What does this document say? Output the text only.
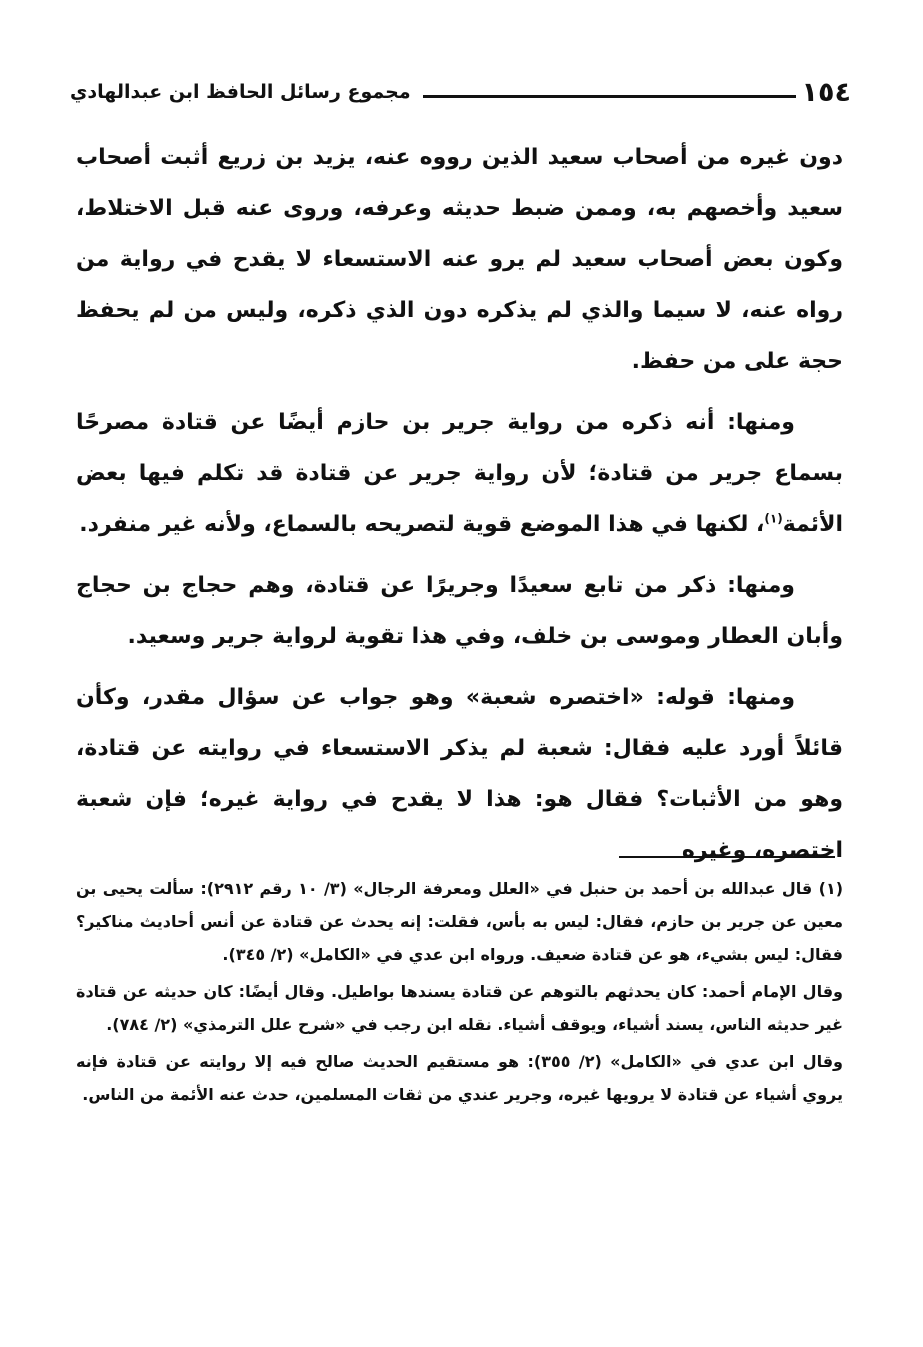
١٥٤
مجموع رسائل الحافظ ابن عبدالهادي

دون غيره من أصحاب سعيد الذين رووه عنه، يزيد بن زريع أثبت أصحاب سعيد وأخصهم به، وممن ضبط حديثه وعرفه، وروى عنه قبل الاختلاط، وكون بعض أصحاب سعيد لم يرو عنه الاستسعاء لا يقدح في رواية من رواه عنه، لا سيما والذي لم يذكره دون الذي ذكره، وليس من لم يحفظ حجة على من حفظ.

ومنها: أنه ذكره من رواية جرير بن حازم أيضًا عن قتادة مصرحًا بسماع جرير من قتادة؛ لأن رواية جرير عن قتادة قد تكلم فيها بعض الأئمة$^{(١)}$، لكنها في هذا الموضع قوية لتصريحه بالسماع، ولأنه غير منفرد.

ومنها: ذكر من تابع سعيدًا وجريرًا عن قتادة، وهم حجاج بن حجاج وأبان العطار وموسى بن خلف، وفي هذا تقوية لرواية جرير وسعيد.

ومنها: قوله: «اختصره شعبة» وهو جواب عن سؤال مقدر، وكأن قائلاً أورد عليه فقال: شعبة لم يذكر الاستسعاء في روايته عن قتادة، وهو من الأثبات؟ فقال هو: هذا لا يقدح في رواية غيره؛ فإن شعبة اختصره، وغيره

(١) قال عبدالله بن أحمد بن حنبل في «العلل ومعرفة الرجال» (٣/ ١٠ رقم ٢٩١٢): سألت يحيى بن معين عن جرير بن حازم، فقال: ليس به بأس، فقلت: إنه يحدث عن قتادة عن أنس أحاديث مناكير؟ فقال: ليس بشيء، هو عن قتادة ضعيف. ورواه ابن عدي في «الكامل» (٢/ ٣٤٥).

وقال الإمام أحمد: كان يحدثهم بالتوهم عن قتادة يسندها بواطيل. وقال أيضًا: كان حديثه عن قتادة غير حديثه الناس، يسند أشياء، ويوقف أشياء. نقله ابن رجب في «شرح علل الترمذي» (٢/ ٧٨٤).

وقال ابن عدي في «الكامل» (٢/ ٣٥٥): هو مستقيم الحديث صالح فيه إلا روايته عن قتادة فإنه يروي أشياء عن قتادة لا يرويها غيره، وجرير عندي من ثقات المسلمين، حدث عنه الأئمة من الناس.
